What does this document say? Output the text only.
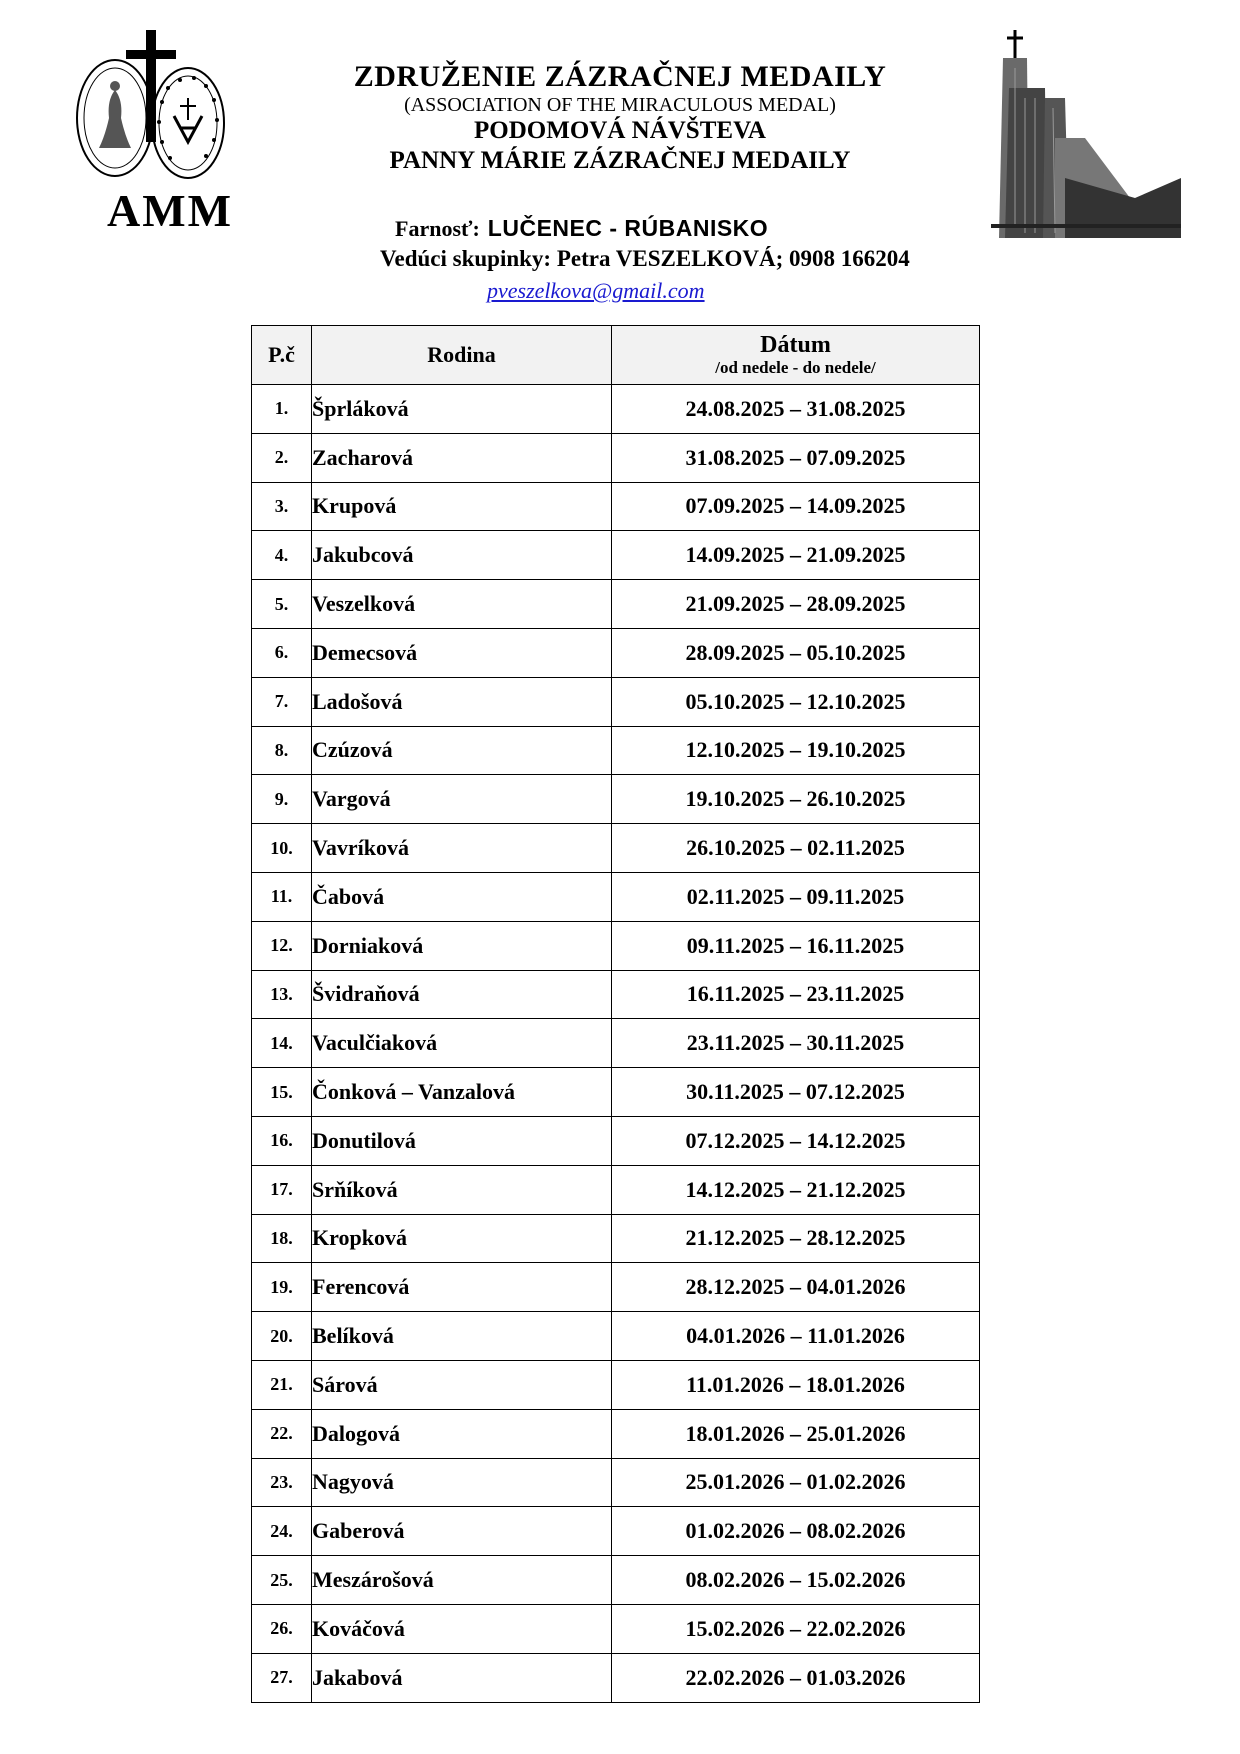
AMM
ZDRUŽENIE ZÁZRAČNEJ MEDAILY
(ASSOCIATION OF THE MIRACULOUS MEDAL)
PODOMOVÁ NÁVŠTEVA
PANNY MÁRIE ZÁZRAČNEJ MEDAILY
Farnosť: LUČENEC - RÚBANISKO
Vedúci skupinky: Petra VESZELKOVÁ; 0908 166204
pveszelkova@gmail.com
P.č	Rodina	Dátum
/od nedele - do nedele/

1.	Šprláková	24.08.2025 – 31.08.2025
2.	Zacharová	31.08.2025 – 07.09.2025
3.	Krupová	07.09.2025 – 14.09.2025
4.	Jakubcová	14.09.2025 – 21.09.2025
5.	Veszelková	21.09.2025 – 28.09.2025
6.	Demecsová	28.09.2025 – 05.10.2025
7.	Ladošová	05.10.2025 – 12.10.2025
8.	Czúzová	12.10.2025 – 19.10.2025
9.	Vargová	19.10.2025 – 26.10.2025
10.	Vavríková	26.10.2025 – 02.11.2025
11.	Čabová	02.11.2025 – 09.11.2025
12.	Dorniaková	09.11.2025 – 16.11.2025
13.	Švidraňová	16.11.2025 – 23.11.2025
14.	Vaculčiaková	23.11.2025 – 30.11.2025
15.	Čonková – Vanzalová	30.11.2025 – 07.12.2025
16.	Donutilová	07.12.2025 – 14.12.2025
17.	Srňíková	14.12.2025 – 21.12.2025
18.	Kropková	21.12.2025 – 28.12.2025
19.	Ferencová	28.12.2025 – 04.01.2026
20.	Belíková	04.01.2026 – 11.01.2026
21.	Sárová	11.01.2026 – 18.01.2026
22.	Dalogová	18.01.2026 – 25.01.2026
23.	Nagyová	25.01.2026 – 01.02.2026
24.	Gaberová	01.02.2026 – 08.02.2026
25.	Meszárošová	08.02.2026 – 15.02.2026
26.	Kováčová	15.02.2026 – 22.02.2026
27.	Jakabová	22.02.2026 – 01.03.2026
